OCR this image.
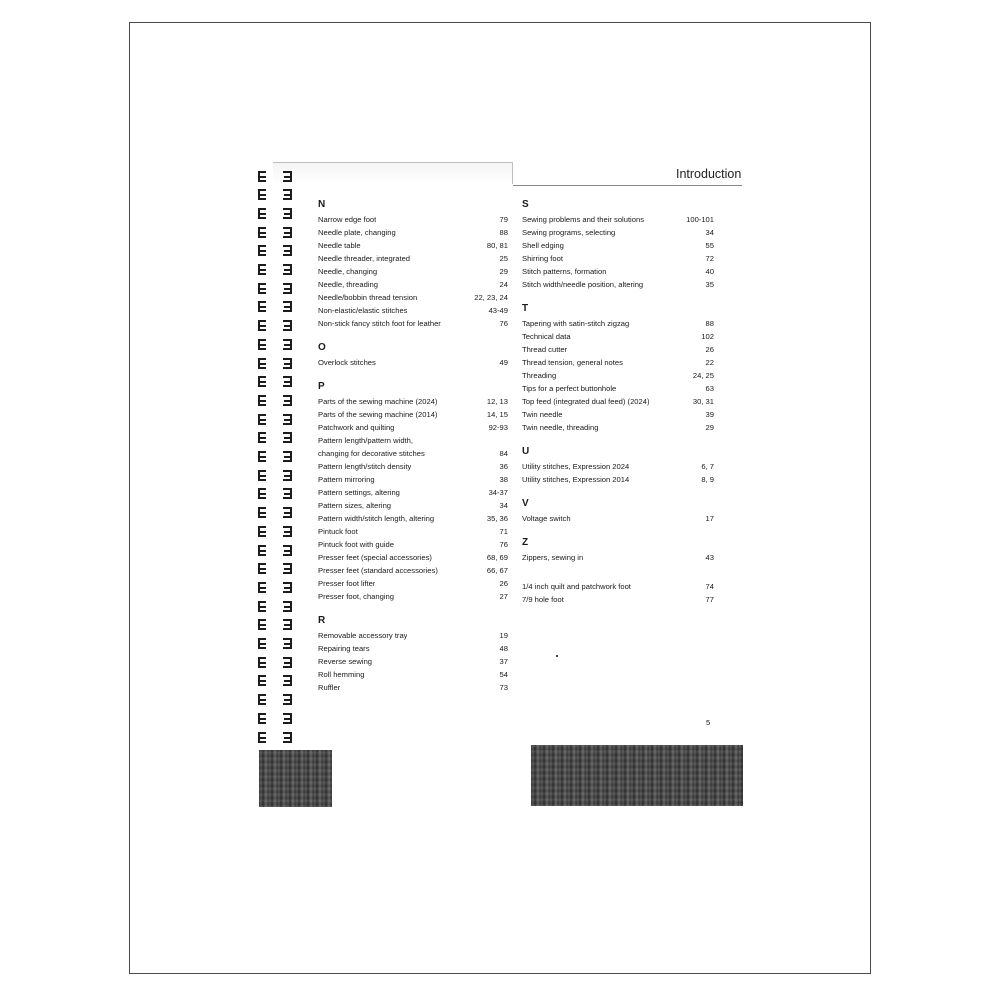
Introduction
N
Narrow edge foot	79
Needle plate, changing	88
Needle table	80, 81
Needle threader, integrated	25
Needle, changing	29
Needle, threading	24
Needle/bobbin thread tension	22, 23, 24
Non-elastic/elastic stitches	43-49
Non-stick fancy stitch foot for leather	76
O
Overlock stitches	49
P
Parts of the sewing machine (2024)	12, 13
Parts of the sewing machine (2014)	14, 15
Patchwork and quilting	92-93
Pattern length/pattern width, changing for decorative stitches	84
Pattern length/stitch density	36
Pattern mirroring	38
Pattern settings, altering	34-37
Pattern sizes, altering	34
Pattern width/stitch length, altering	35, 36
Pintuck foot	71
Pintuck foot with guide	76
Presser feet (special accessories)	68, 69
Presser feet (standard accessories)	66, 67
Presser foot lifter	26
Presser foot, changing	27
R
Removable accessory tray	19
Repairing tears	48
Reverse sewing	37
Roll hemming	54
Ruffler	73
S
Sewing problems and their solutions	100-101
Sewing programs, selecting	34
Shell edging	55
Shirring foot	72
Stitch patterns, formation	40
Stitch width/needle position, altering	35
T
Tapering with satin-stitch zigzag	88
Technical data	102
Thread cutter	26
Thread tension, general notes	22
Threading	24, 25
Tips for a perfect buttonhole	63
Top feed (integrated dual feed) (2024)	30, 31
Twin needle	39
Twin needle, threading	29
U
Utility stitches, Expression 2024	6, 7
Utility stitches, Expression 2014	8, 9
V
Voltage switch	17
Z
Zippers, sewing in	43
1/4 inch quilt and patchwork foot	74
7/9 hole foot	77
5
